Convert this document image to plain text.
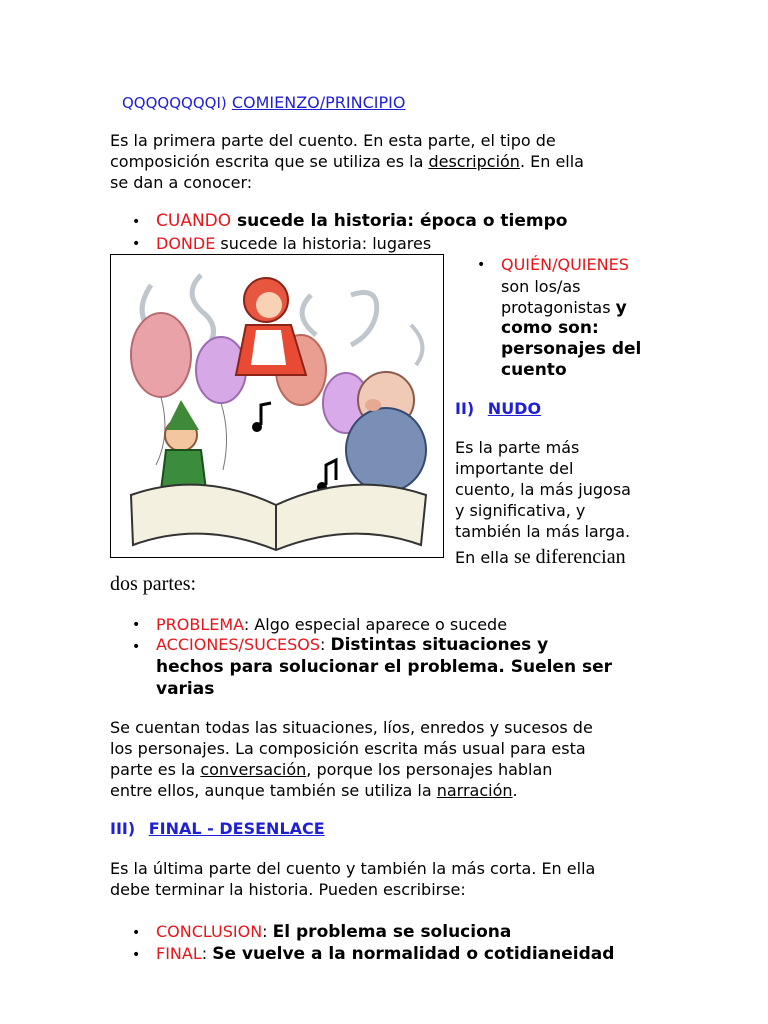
QQQQQQQQI) COMIENZO/PRINCIPIO
Es la primera parte del cuento. En esta parte, el tipo de
composición escrita que se utiliza es la descripción. En ella
se dan a conocer:
• CUANDO sucede la historia: época o tiempo
• DONDE sucede la historia: lugares
• QUIÉN/QUIENES
son los/as
protagonistas y
como son:
personajes del
cuento
II) NUDO
Es la parte más
importante del
cuento, la más jugosa
y significativa, y
también la más larga.
En ella se diferencian
dos partes:
• PROBLEMA: Algo especial aparece o sucede
• ACCIONES/SUCESOS: Distintas situaciones y
hechos para solucionar el problema. Suelen ser
varias
Se cuentan todas las situaciones, líos, enredos y sucesos de
los personajes. La composición escrita más usual para esta
parte es la conversación, porque los personajes hablan
entre ellos, aunque también se utiliza la narración.
III) FINAL - DESENLACE
Es la última parte del cuento y también la más corta. En ella
debe terminar la historia. Pueden escribirse:
• CONCLUSION: El problema se soluciona
• FINAL: Se vuelve a la normalidad o cotidianeidad
